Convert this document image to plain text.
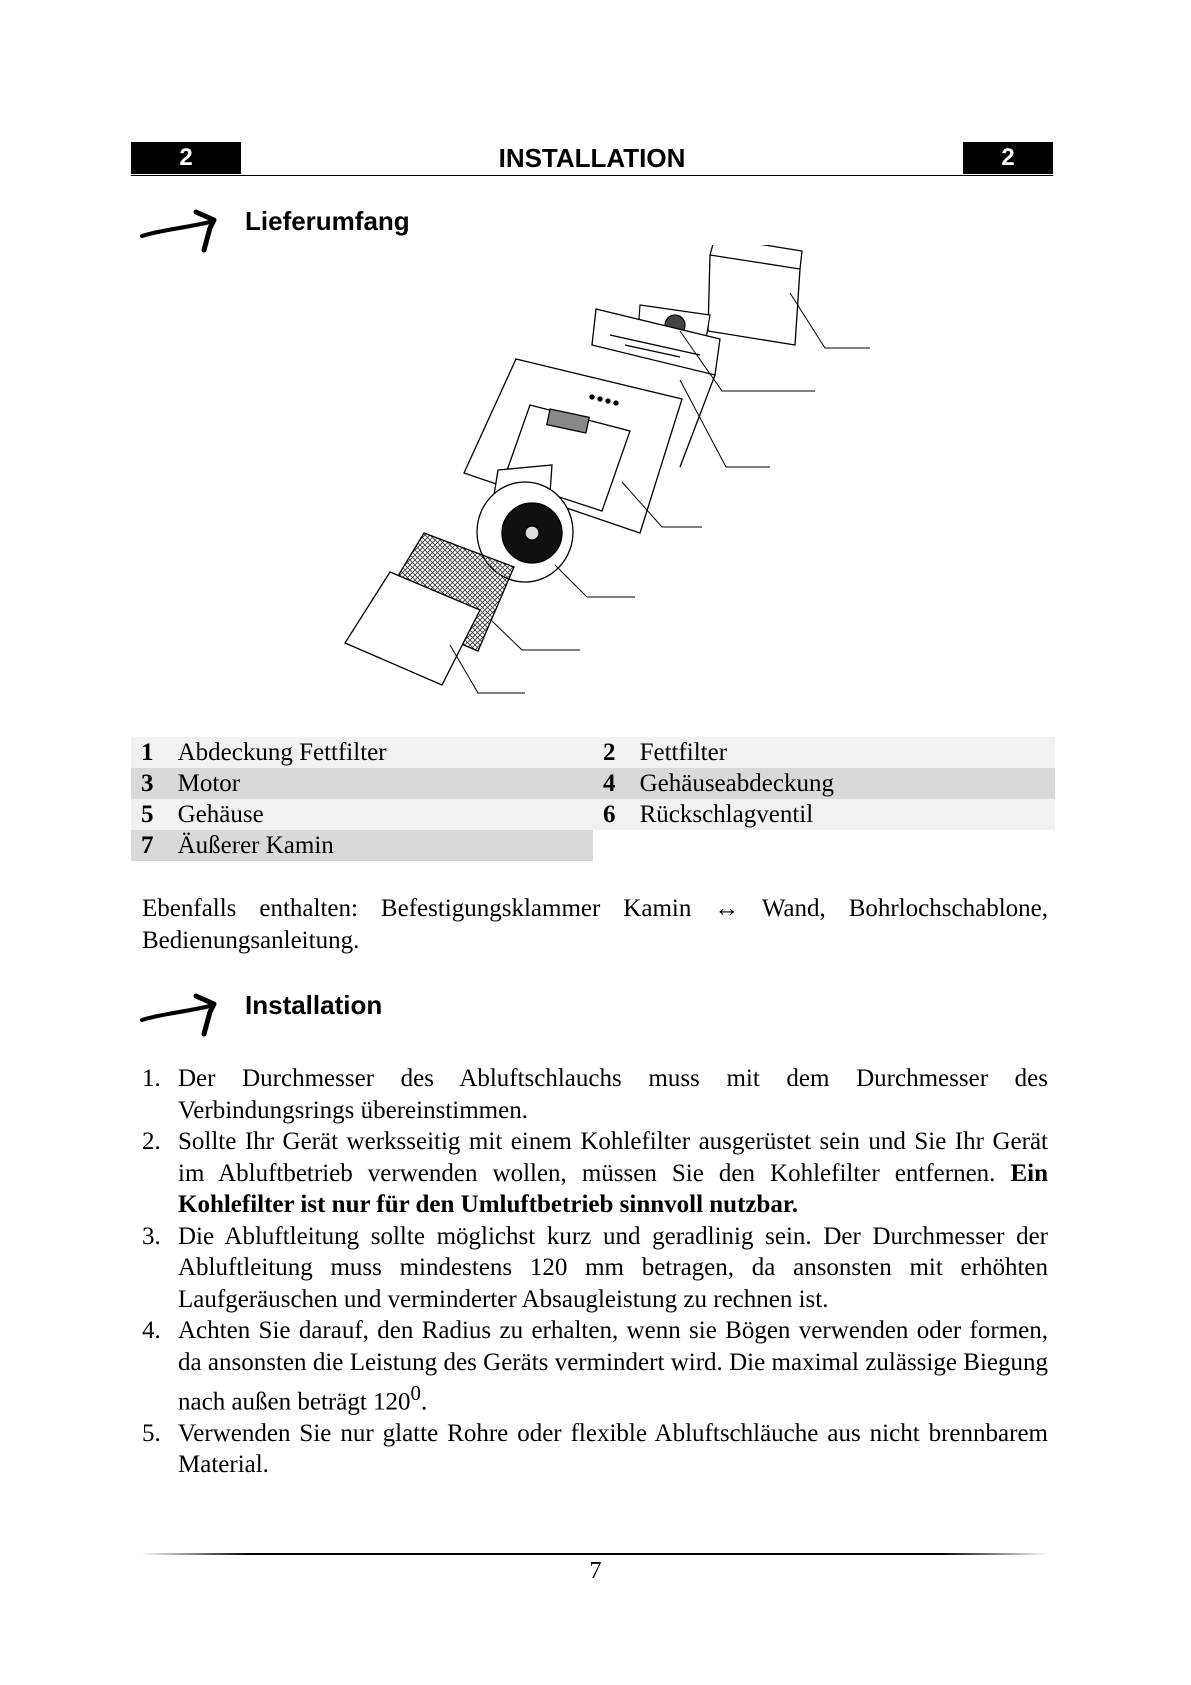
2	INSTALLATION	2
Lieferumfang
1	Abdeckung Fettfilter	2	Fettfilter
3	Motor	4	Gehäuseabdeckung
5	Gehäuse	6	Rückschlagventil
7	Äußerer Kamin		
Ebenfalls enthalten: Befestigungsklammer Kamin ↔ Wand, Bohrlochschablone, Bedienungsanleitung.
Installation
1. Der Durchmesser des Abluftschlauchs muss mit dem Durchmesser des Verbindungsrings übereinstimmen.
2. Sollte Ihr Gerät werksseitig mit einem Kohlefilter ausgerüstet sein und Sie Ihr Gerät im Abluftbetrieb verwenden wollen, müssen Sie den Kohlefilter entfernen. Ein Kohlefilter ist nur für den Umluftbetrieb sinnvoll nutzbar.
3. Die Abluftleitung sollte möglichst kurz und geradlinig sein. Der Durchmesser der Abluftleitung muss mindestens 120 mm betragen, da ansonsten mit erhöhten Laufgeräuschen und verminderter Absaugleistung zu rechnen ist.
4. Achten Sie darauf, den Radius zu erhalten, wenn sie Bögen verwenden oder formen, da ansonsten die Leistung des Geräts vermindert wird. Die maximal zulässige Biegung nach außen beträgt $120^0$.
5. Verwenden Sie nur glatte Rohre oder flexible Abluftschläuche aus nicht brennbarem Material.
7
